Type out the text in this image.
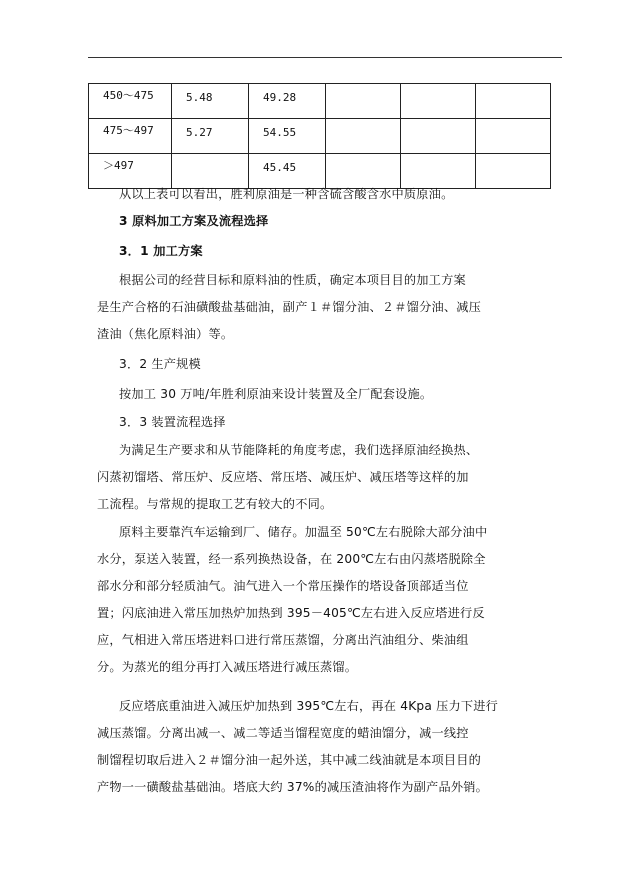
450～475	5.48	49.28			

475～497	5.27	54.55			

＞497		45.45			

从以上表可以看出，胜利原油是一种含硫含酸含水中质原油。

3 原料加工方案及流程选择

3．1 加工方案

根据公司的经营目标和原料油的性质，确定本项目目的加工方案
是生产合格的石油磺酸盐基础油，副产１＃馏分油、２＃馏分油、减压
渣油（焦化原料油）等。

3．2 生产规模

按加工 30 万吨/年胜利原油来设计装置及全厂配套设施。

3．3 装置流程选择

为满足生产要求和从节能降耗的角度考虑，我们选择原油经换热、
闪蒸初馏塔、常压炉、反应塔、常压塔、减压炉、减压塔等这样的加
工流程。与常规的提取工艺有较大的不同。

原料主要靠汽车运输到厂、储存。加温至 50℃左右脱除大部分油中
水分，泵送入装置，经一系列换热设备，在 200℃左右由闪蒸塔脱除全
部水分和部分轻质油气。油气进入一个常压操作的塔设备顶部适当位
置；闪底油进入常压加热炉加热到 395－405℃左右进入反应塔进行反
应，气相进入常压塔进料口进行常压蒸馏，分离出汽油组分、柴油组
分。为蒸光的组分再打入减压塔进行减压蒸馏。

反应塔底重油进入减压炉加热到 395℃左右，再在 4Kpa 压力下进行
减压蒸馏。分离出减一、减二等适当馏程宽度的蜡油馏分，减一线控
制馏程切取后进入２＃馏分油一起外送，其中减二线油就是本项目目的
产物一一磺酸盐基础油。塔底大约 37%的减压渣油将作为副产品外销。
